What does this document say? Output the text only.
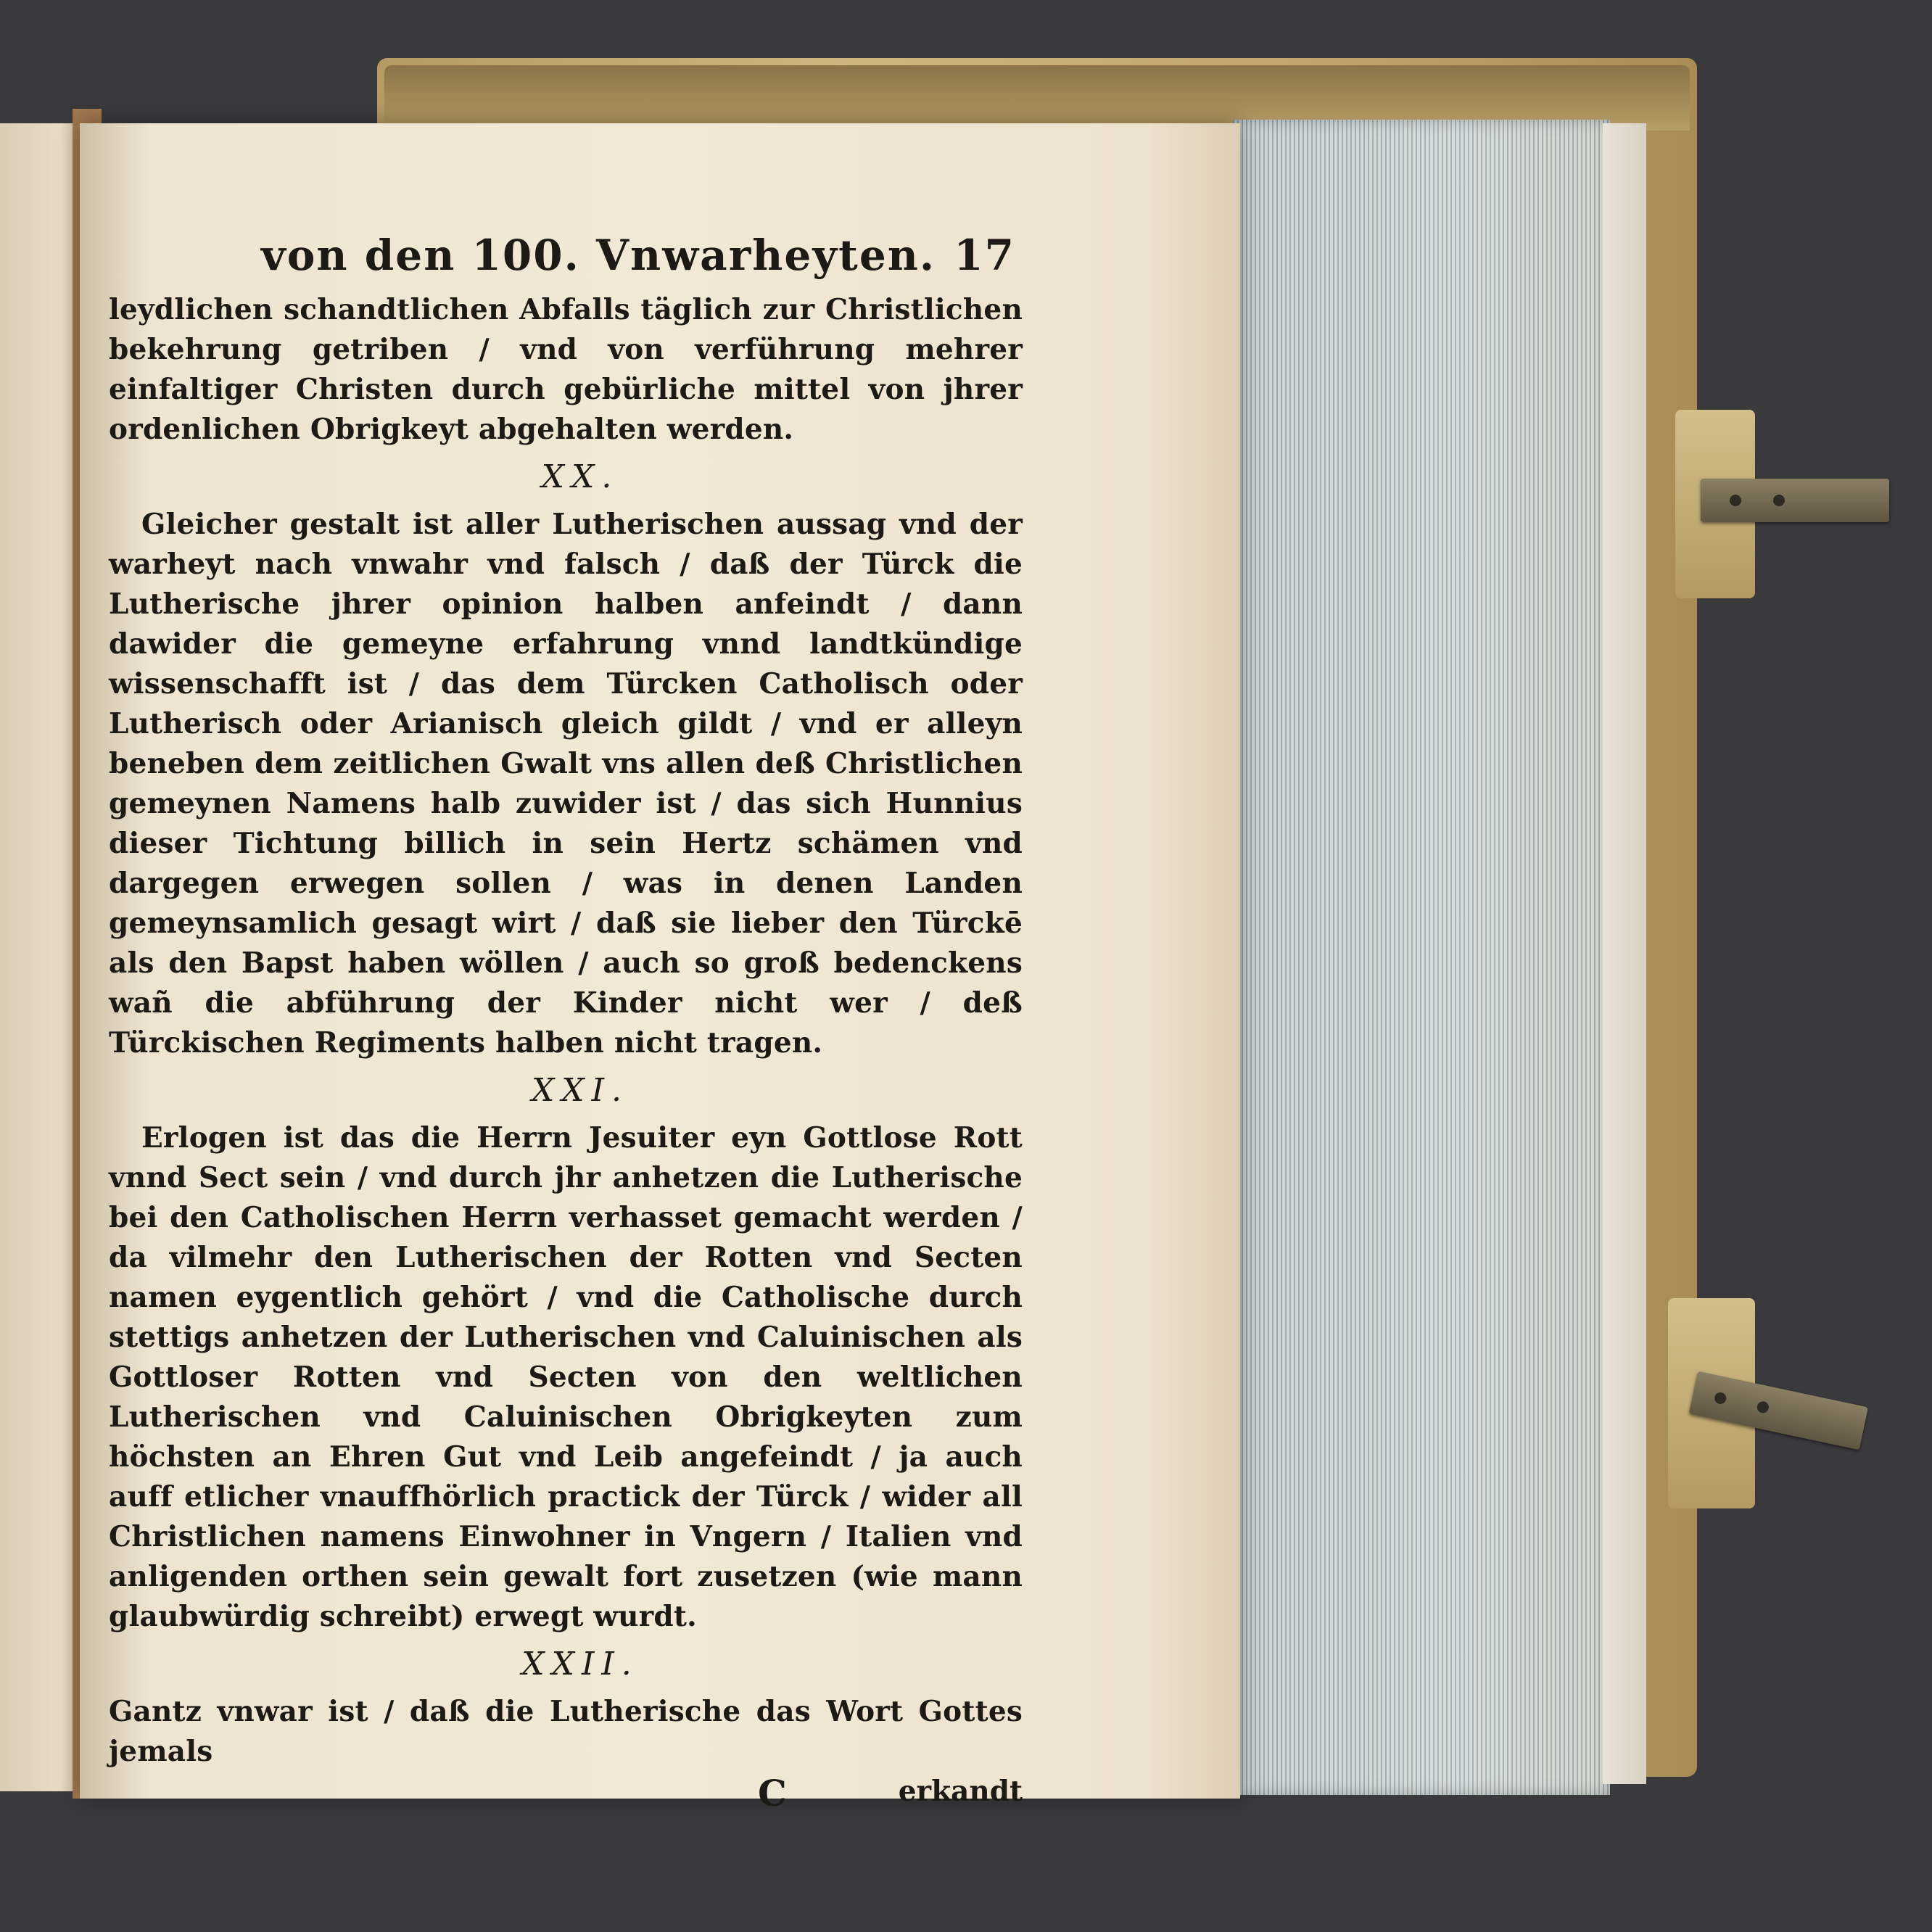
von den 100. Vnwarheyten. 17
leydlichen schandtlichen Abfalls täglich zur Christlichen bekehrung getriben / vnd von verführung mehrer einfaltiger Christen durch gebürliche mittel von jhrer ordenlichen Obrigkeyt abgehalten werden.
XX.
Gleicher gestalt ist aller Lutherischen aussag vnd der warheyt nach vnwahr vnd falsch / daß der Türck die Lutherische jhrer opinion halben anfeindt / dann dawider die gemeyne erfahrung vnnd landtkündige wissenschafft ist / das dem Türcken Catholisch oder Lutherisch oder Arianisch gleich gildt / vnd er alleyn beneben dem zeitlichen Gwalt vns allen deß Christlichen gemeynen Namens halb zuwider ist / das sich Hunnius dieser Tichtung billich in sein Hertz schämen vnd dargegen erwegen sollen / was in denen Landen gemeynsamlich gesagt wirt / daß sie lieber den Türckē als den Bapst haben wöllen / auch so groß bedenckens wañ die abführung der Kinder nicht wer / deß Türckischen Regiments halben nicht tragen.
XXI.
Erlogen ist das die Herrn Jesuiter eyn Gottlose Rott vnnd Sect sein / vnd durch jhr anhetzen die Lutherische bei den Catholischen Herrn verhasset gemacht werden / da vilmehr den Lutherischen der Rotten vnd Secten namen eygentlich gehört / vnd die Catholische durch stettigs anhetzen der Lutherischen vnd Caluinischen als Gottloser Rotten vnd Secten von den weltlichen Lutherischen vnd Caluinischen Obrigkeyten zum höchsten an Ehren Gut vnd Leib angefeindt / ja auch auff etlicher vnauffhörlich practick der Türck / wider all Christlichen namens Einwohner in Vngern / Italien vnd anligenden orthen sein gewalt fort zusetzen (wie mann glaubwürdig schreibt) erwegt wurdt.
XXII.
Gantz vnwar ist / daß die Lutherische das Wort Gottes jemals
C	erkandt
